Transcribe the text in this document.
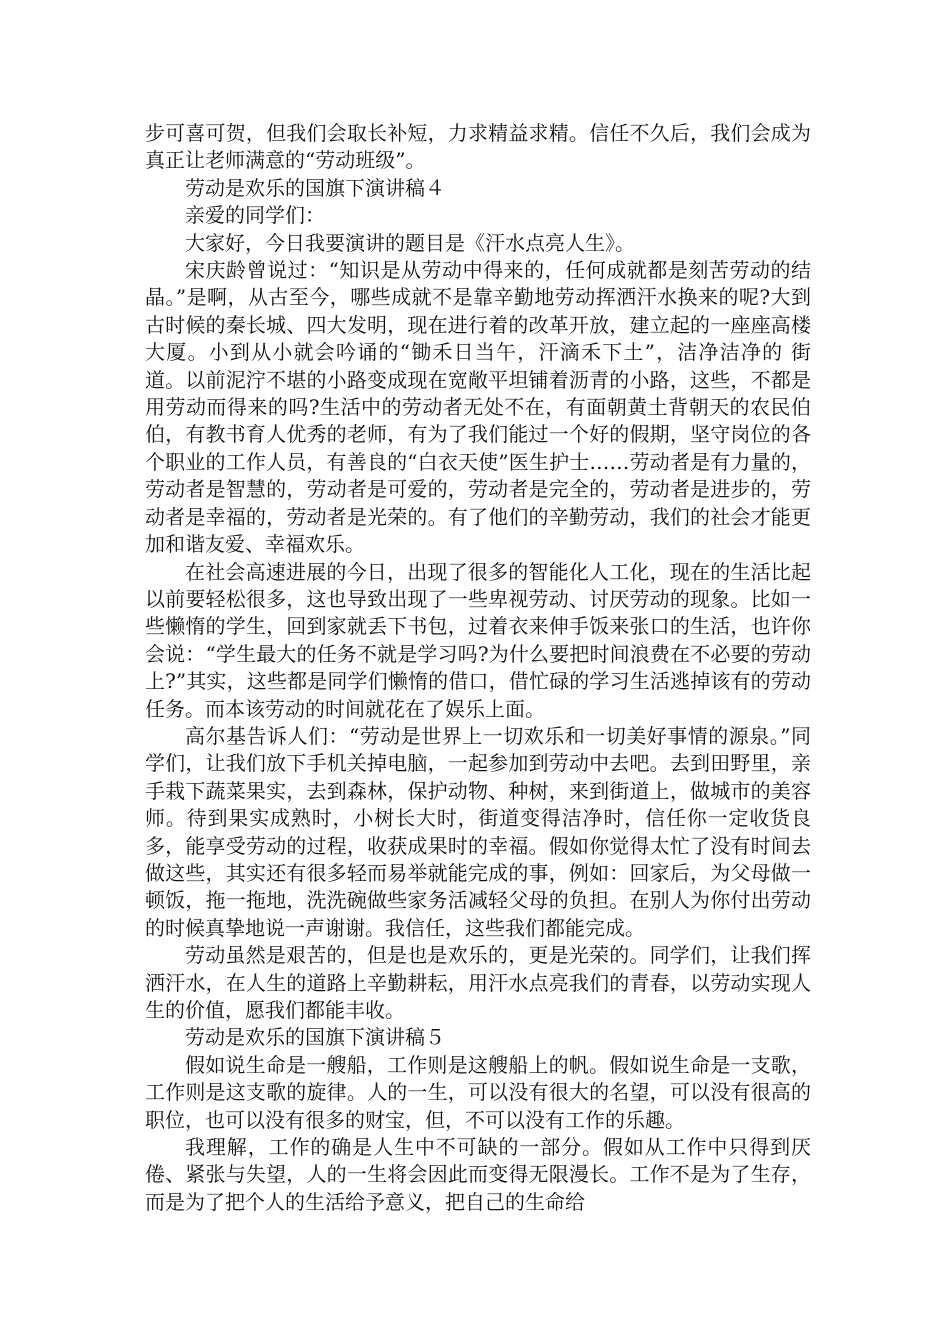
步可喜可贺，但我们会取长补短，力求精益求精。信任不久后，我们会成为真正让老师满意的“劳动班级”。

劳动是欢乐的国旗下演讲稿４

亲爱的同学们：

大家好，今日我要演讲的题目是《汗水点亮人生》。

宋庆龄曾说过：“知识是从劳动中得来的，任何成就都是刻苦劳动的结晶。”是啊，从古至今，哪些成就不是靠辛勤地劳动挥洒汗水换来的呢?大到古时候的秦长城、四大发明，现在进行着的改革开放，建立起的一座座高楼大厦。小到从小就会吟诵的“锄禾日当午，汗滴禾下土”，洁净洁净的 街道。以前泥泞不堪的小路变成现在宽敞平坦铺着沥青的小路，这些，不都是用劳动而得来的吗?生活中的劳动者无处不在，有面朝黄土背朝天的农民伯伯，有教书育人优秀的老师，有为了我们能过一个好的假期，坚守岗位的各个职业的工作人员，有善良的“白衣天使”医生护士……劳动者是有力量的，劳动者是智慧的，劳动者是可爱的，劳动者是完全的，劳动者是进步的，劳动者是幸福的，劳动者是光荣的。有了他们的辛勤劳动，我们的社会才能更加和谐友爱、幸福欢乐。

在社会高速进展的今日，出现了很多的智能化人工化，现在的生活比起以前要轻松很多，这也导致出现了一些卑视劳动、讨厌劳动的现象。比如一些懒惰的学生，回到家就丢下书包，过着衣来伸手饭来张口的生活，也许你会说：“学生最大的任务不就是学习吗?为什么要把时间浪费在不必要的劳动上?”其实，这些都是同学们懒惰的借口，借忙碌的学习生活逃掉该有的劳动任务。而本该劳动的时间就花在了娱乐上面。

高尔基告诉人们：“劳动是世界上一切欢乐和一切美好事情的源泉。”同学们，让我们放下手机关掉电脑，一起参加到劳动中去吧。去到田野里，亲手栽下蔬菜果实，去到森林，保护动物、种树，来到街道上，做城市的美容师。待到果实成熟时，小树长大时，街道变得洁净时，信任你一定收货良多，能享受劳动的过程，收获成果时的幸福。假如你觉得太忙了没有时间去做这些，其实还有很多轻而易举就能完成的事，例如：回家后，为父母做一顿饭，拖一拖地，洗洗碗做些家务活减轻父母的负担。在别人为你付出劳动的时候真挚地说一声谢谢。我信任，这些我们都能完成。

劳动虽然是艰苦的，但是也是欢乐的，更是光荣的。同学们，让我们挥洒汗水，在人生的道路上辛勤耕耘，用汗水点亮我们的青春，以劳动实现人生的价值，愿我们都能丰收。

劳动是欢乐的国旗下演讲稿５

假如说生命是一艘船，工作则是这艘船上的帆。假如说生命是一支歌，工作则是这支歌的旋律。人的一生，可以没有很大的名望，可以没有很高的职位，也可以没有很多的财宝，但，不可以没有工作的乐趣。

我理解，工作的确是人生中不可缺的一部分。假如从工作中只得到厌倦、紧张与失望，人的一生将会因此而变得无限漫长。工作不是为了生存，而是为了把个人的生活给予意义，把自己的生命给
